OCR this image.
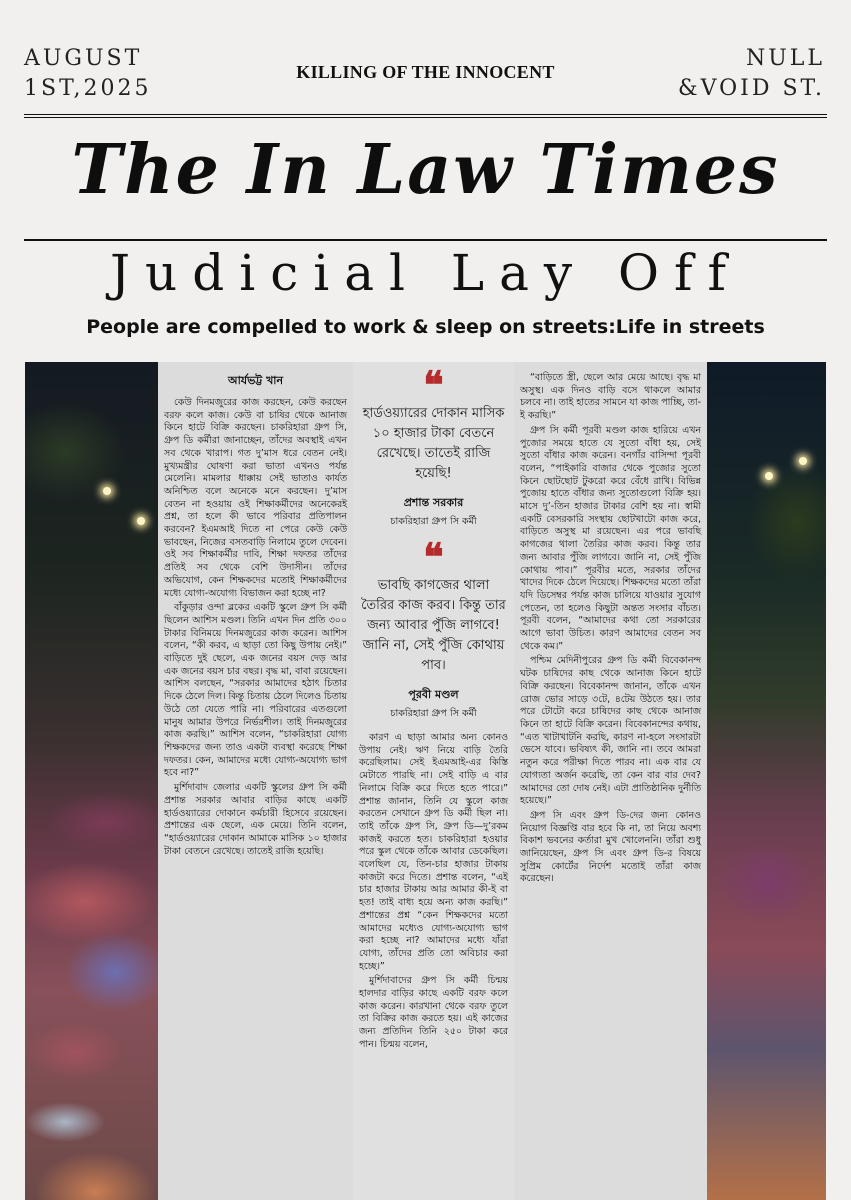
AUGUST
1ST,2025
KILLING OF THE INNOCENT
NULL
&VOID ST.
The In Law Times
Judicial Lay Off
People are compelled to work & sleep on streets:Life in streets
আর্যভট্ট খান

কেউ দিনমজুরের কাজ করছেন, কেউ করছেন বরফ কলে কাজ। কেউ বা চাষির থেকে আনাজ কিনে হাটে বিক্রি করছেন। চাকরিহারা গ্রুপ সি, গ্রুপ ডি কর্মীরা জানাচ্ছেন, তাঁদের অবস্থাই এখন সব থেকে খারাপ। গত দু’মাস ধরে বেতন নেই। মুখ্যমন্ত্রীর ঘোষণা করা ভাতা এখনও পর্যন্ত মেলেনি। মামলার ধাক্কায় সেই ভাতাও কার্যত অনিশ্চিত বলে অনেকে মনে করছেন। দু’মাস বেতন না হওয়ায় ওই শিক্ষাকর্মীদের অনেকেরই প্রশ্ন, তা হলে কী ভাবে পরিবার প্রতিপালন করবেন? ইএমআই দিতে না পেরে কেউ কেউ ভাবছেন, নিজের বসতবাড়ি নিলামে তুলে দেবেন। ওই সব শিক্ষাকর্মীর দাবি, শিক্ষা দফতর তাঁদের প্রতিই সব থেকে বেশি উদাসীন। তাঁদের অভিযোগ, কেন শিক্ষকদের মতোই শিক্ষাকর্মীদের মধ্যে যোগ্য-অযোগ্য বিভাজন করা হচ্ছে না?

বাঁকুড়ার ওন্দা ব্লকের একটি স্কুলে গ্রুপ সি কর্মী ছিলেন আশিস মণ্ডল। তিনি এখন দিন প্রতি ৩০০ টাকার বিনিময়ে দিনমজুরের কাজ করেন। আশিস বলেন, “কী করব, এ ছাড়া তো কিছু উপায় নেই।” বাড়িতে দুই ছেলে, এক জনের বয়স দেড় আর এক জনের বয়স চার বছর। বৃদ্ধ মা, বাবা রয়েছেন। আশিস বলছেন, “সরকার আমাদের হঠাৎ চিতার দিকে ঠেলে দিল। কিন্তু চিতায় ঠেলে দিলেও চিতায় উঠে তো যেতে পারি না। পরিবারের এতগুলো মানুষ আমার উপরে নির্ভরশীল। তাই দিনমজুরের কাজ করছি।” আশিস বলেন, “চাকরিহারা যোগ্য শিক্ষকদের জন্য তাও একটা ব্যবস্থা করেছে শিক্ষা দফতর। কেন, আমাদের মধ্যে যোগ্য-অযোগ্য ভাগ হবে না?”

মুর্শিদাবাদ জেলার একটি স্কুলের গ্রুপ সি কর্মী প্রশান্ত সরকার আবার বাড়ির কাছে একটি হার্ডওয়্যারের দোকানে কর্মচারী হিসেবে রয়েছেন। প্রশান্তের এক ছেলে, এক মেয়ে। তিনি বলেন, “হার্ডওয়্যারের দোকান আমাকে মাসিক ১০ হাজার টাকা বেতনে রেখেছে। তাতেই রাজি হয়েছি।

❝
হার্ডওয়্যারের দোকান মাসিক ১০ হাজার টাকা বেতনে রেখেছে। তাতেই রাজি হয়েছি!
প্রশান্ত সরকার
চাকরিহারা গ্রুপ সি কর্মী
❝
ভাবছি কাগজের থালা তৈরির কাজ করব। কিন্তু তার জন্য আবার পুঁজি লাগবে! জানি না, সেই পুঁজি কোথায় পাব।
পূরবী মণ্ডল
চাকরিহারা গ্রুপ সি কর্মী

কারণ এ ছাড়া আমার অন্য কোনও উপায় নেই। ঋণ নিয়ে বাড়ি তৈরি করেছিলাম। সেই ইএমআই-এর কিস্তি মেটাতে পারছি না। সেই বাড়ি এ বার নিলামে বিক্রি করে দিতে হতে পারে।” প্রশান্ত জানান, তিনি যে স্কুলে কাজ করতেন সেখানে গ্রুপ ডি কর্মী ছিল না। তাই তাঁকে গ্রুপ সি, গ্রুপ ডি—দু’রকম কাজই করতে হত। চাকরিহারা হওয়ার পরে স্কুল থেকে তাঁকে আবার ডেকেছিল। বলেছিল যে, তিন-চার হাজার টাকায় কাজটা করে দিতে। প্রশান্ত বলেন, “এই চার হাজার টাকায় আর আমার কী-ই বা হত! তাই বাধ্য হয়ে অন্য কাজ করছি।” প্রশান্তের প্রশ্ন “কেন শিক্ষকদের মতো আমাদের মধ্যেও যোগ্য-অযোগ্য ভাগ করা হচ্ছে না? আমাদের মধ্যে যাঁরা যোগ্য, তাঁদের প্রতি তো অবিচার করা হচ্ছে।”

মুর্শিদাবাদের গ্রুপ সি কর্মী চিন্ময় হালদার বাড়ির কাছে একটি বরফ কলে কাজ করেন। কারখানা থেকে বরফ তুলে তা বিক্রির কাজ করতে হয়। এই কাজের জন্য প্রতিদিন তিনি ২৫০ টাকা করে পান। চিন্ময় বলেন,

“বাড়িতে স্ত্রী, ছেলে আর মেয়ে আছে। বৃদ্ধ মা অসুস্থ। এক দিনও বাড়ি বসে থাকলে আমার চলবে না। তাই হাতের সামনে যা কাজ পাচ্ছি, তা-ই করছি।”

গ্রুপ সি কর্মী পূরবী মণ্ডল কাজ হারিয়ে এখন পুজোর সময়ে হাতে যে সুতো বাঁধা হয়, সেই সুতো বাঁধার কাজ করেন। বনগাঁর বাসিন্দা পূরবী বলেন, “পাইকারি বাজার থেকে পুজোর সুতো কিনে ছোটছোট টুকরো করে বেঁধে রাখি। বিভিন্ন পুজোয় হাতে বাঁধার জন্য সুতোগুলো বিক্রি হয়। মাসে দু’-তিন হাজার টাকার বেশি হয় না। স্বামী একটি বেসরকারি সংস্থায় ছোটখাটো কাজ করে, বাড়িতে অসুস্থ মা রয়েছেন। এর পরে ভাবছি কাগজের থালা তৈরির কাজ করব। কিন্তু তার জন্য আবার পুঁজি লাগবে। জানি না, সেই পুঁজি কোথায় পাব।” পূরবীর মতে, সরকার তাঁদের খাদের দিকে ঠেলে দিয়েছে। শিক্ষকদের মতো তাঁরা যদি ডিসেম্বর পর্যন্ত কাজ চালিয়ে যাওয়ার সুযোগ পেতেন, তা হলেও কিছুটা অন্তত সংসার বাঁচত। পূরবী বলেন, “আমাদের কথা তো সরকারের আগে ভাবা উচিত। কারণ আমাদের বেতন সব থেকে কম।”

পশ্চিম মেদিনীপুরের গ্রুপ ডি কর্মী বিবেকানন্দ ঘটক চাষিদের কাছ থেকে আনাজ কিনে হাটে বিক্রি করছেন। বিবেকানন্দ জানান, তাঁকে এখন রোজ ভোর সাড়ে ৩টে, ৪টেয় উঠতে হয়। তার পরে টোটো করে চাষিদের কাছ থেকে আনাজ কিনে তা হাটে বিক্রি করেন। বিবেকানন্দের কথায়, “এত খাটাখাটনি করছি, কারণ না-হলে সংসারটা ভেসে যাবে। ভবিষ্যৎ কী, জানি না। তবে আমরা নতুন করে পরীক্ষা দিতে পারব না। এক বার যে যোগ্যতা অর্জন করেছি, তা কেন বার বার দেব? আমাদের তো দোষ নেই। এটা প্রাতিষ্ঠানিক দুর্নীতি হয়েছে।”

গ্রুপ সি এবং গ্রুপ ডি-দের জন্য কোনও নিয়োগ বিজ্ঞপ্তি বার হবে কি না, তা নিয়ে অবশ্য বিকাশ ভবনের কর্তারা মুখ খোলেননি। তাঁরা শুধু জানিয়েছেন, গ্রুপ সি এবং গ্রুপ ডি-র বিষয়ে সুপ্রিম কোর্টের নির্দেশ মতোই তাঁরা কাজ করেছেন।
